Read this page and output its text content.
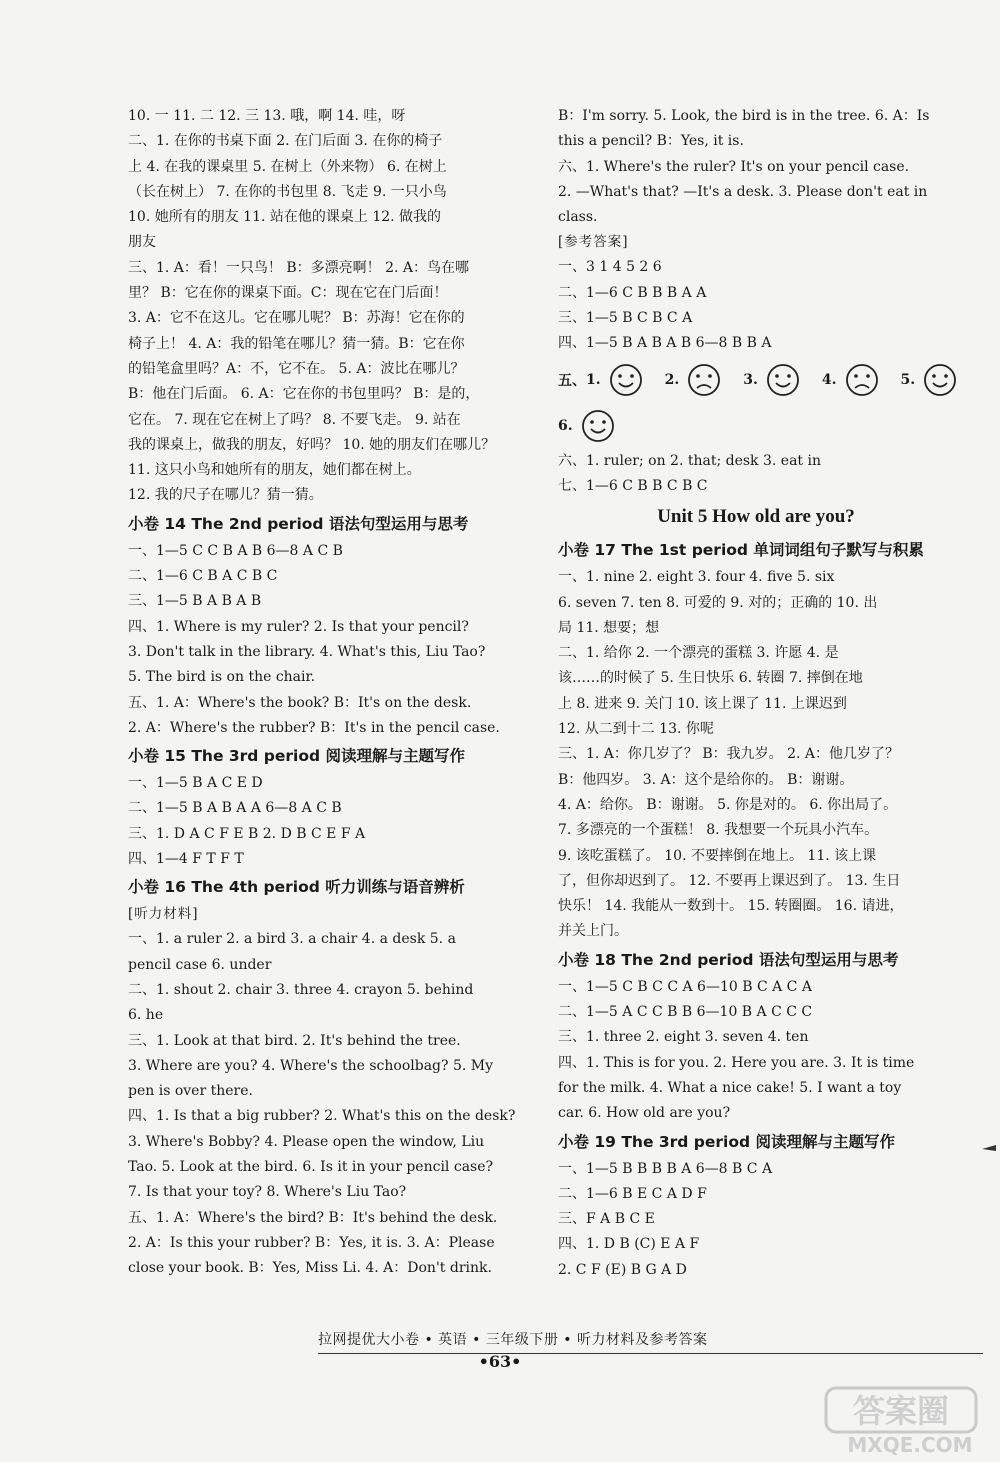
10. 一 11. 二 12. 三 13. 哦，啊 14. 哇，呀
二、1. 在你的书桌下面 2. 在门后面 3. 在你的椅子
上 4. 在我的课桌里 5. 在树上（外来物） 6. 在树上
（长在树上） 7. 在你的书包里 8. 飞走 9. 一只小鸟
10. 她所有的朋友 11. 站在他的课桌上 12. 做我的
朋友
三、1. A：看！一只鸟！ B：多漂亮啊！ 2. A：鸟在哪
里？ B：它在你的课桌下面。C：现在它在门后面！
3. A：它不在这儿。它在哪儿呢？ B：苏海！它在你的
椅子上！ 4. A：我的铅笔在哪儿？猜一猜。B：它在你
的铅笔盒里吗？A：不，它不在。 5. A：波比在哪儿？
B：他在门后面。 6. A：它在你的书包里吗？ B：是的，
它在。 7. 现在它在树上了吗？ 8. 不要飞走。 9. 站在
我的课桌上，做我的朋友，好吗？ 10. 她的朋友们在哪儿？
11. 这只小鸟和她所有的朋友，她们都在树上。
12. 我的尺子在哪儿？猜一猜。
小卷 14 The 2nd period 语法句型运用与思考
一、1—5 C C B A B 6—8 A C B
二、1—6 C B A C B C
三、1—5 B A B A B
四、1. Where is my ruler? 2. Is that your pencil?
3. Don't talk in the library. 4. What's this, Liu Tao?
5. The bird is on the chair.
五、1. A：Where's the book? B：It's on the desk.
2. A：Where's the rubber? B：It's in the pencil case.
小卷 15 The 3rd period 阅读理解与主题写作
一、1—5 B A C E D
二、1—5 B A B A A 6—8 A C B
三、1. D A C F E B 2. D B C E F A
四、1—4 F T F T
小卷 16 The 4th period 听力训练与语音辨析
[听力材料]
一、1. a ruler 2. a bird 3. a chair 4. a desk 5. a
pencil case 6. under
二、1. shout 2. chair 3. three 4. crayon 5. behind
6. he
三、1. Look at that bird. 2. It's behind the tree.
3. Where are you? 4. Where's the schoolbag? 5. My
pen is over there.
四、1. Is that a big rubber? 2. What's this on the desk?
3. Where's Bobby? 4. Please open the window, Liu
Tao. 5. Look at the bird. 6. Is it in your pencil case?
7. Is that your toy? 8. Where's Liu Tao?
五、1. A：Where's the bird? B：It's behind the desk.
2. A：Is this your rubber? B：Yes, it is. 3. A：Please
close your book. B：Yes, Miss Li. 4. A：Don't drink.
B：I'm sorry. 5. Look, the bird is in the tree. 6. A：Is
this a pencil? B：Yes, it is.
六、1. Where's the ruler? It's on your pencil case.
2. —What's that? —It's a desk. 3. Please don't eat in
class.
[参考答案]
一、3 1 4 5 2 6
二、1—6 C B B B A A
三、1—5 B C B C A
四、1—5 B A B A B 6—8 B B A
五、 1.	2.	3.	4.	5.
6.
六、1. ruler; on 2. that; desk 3. eat in
七、1—6 C B B C B C
Unit 5 How old are you?
小卷 17 The 1st period 单词词组句子默写与积累
一、1. nine 2. eight 3. four 4. five 5. six
6. seven 7. ten 8. 可爱的 9. 对的；正确的 10. 出
局 11. 想要；想
二、1. 给你 2. 一个漂亮的蛋糕 3. 许愿 4. 是
该……的时候了 5. 生日快乐 6. 转圈 7. 摔倒在地
上 8. 进来 9. 关门 10. 该上课了 11. 上课迟到
12. 从二到十二 13. 你呢
三、1. A：你几岁了？ B：我九岁。 2. A：他几岁了？
B：他四岁。 3. A：这个是给你的。 B：谢谢。
4. A：给你。 B：谢谢。 5. 你是对的。 6. 你出局了。
7. 多漂亮的一个蛋糕！ 8. 我想要一个玩具小汽车。
9. 该吃蛋糕了。 10. 不要摔倒在地上。 11. 该上课
了，但你却迟到了。 12. 不要再上课迟到了。 13. 生日
快乐！ 14. 我能从一数到十。 15. 转圈圈。 16. 请进，
并关上门。
小卷 18 The 2nd period 语法句型运用与思考
一、1—5 C B C C A 6—10 B C A C A
二、1—5 A C C B B 6—10 B A C C C
三、1. three 2. eight 3. seven 4. ten
四、1. This is for you. 2. Here you are. 3. It is time
for the milk. 4. What a nice cake! 5. I want a toy
car. 6. How old are you?
小卷 19 The 3rd period 阅读理解与主题写作
一、1—5 B B B B A 6—8 B C A
二、1—6 B E C A D F
三、F A B C E
四、1. D B (C) E A F
2. C F (E) B G A D
拉网提优大小卷 • 英语 • 三年级下册 • 听力材料及参考答案
•63•
答案圈
MXQE.COM
